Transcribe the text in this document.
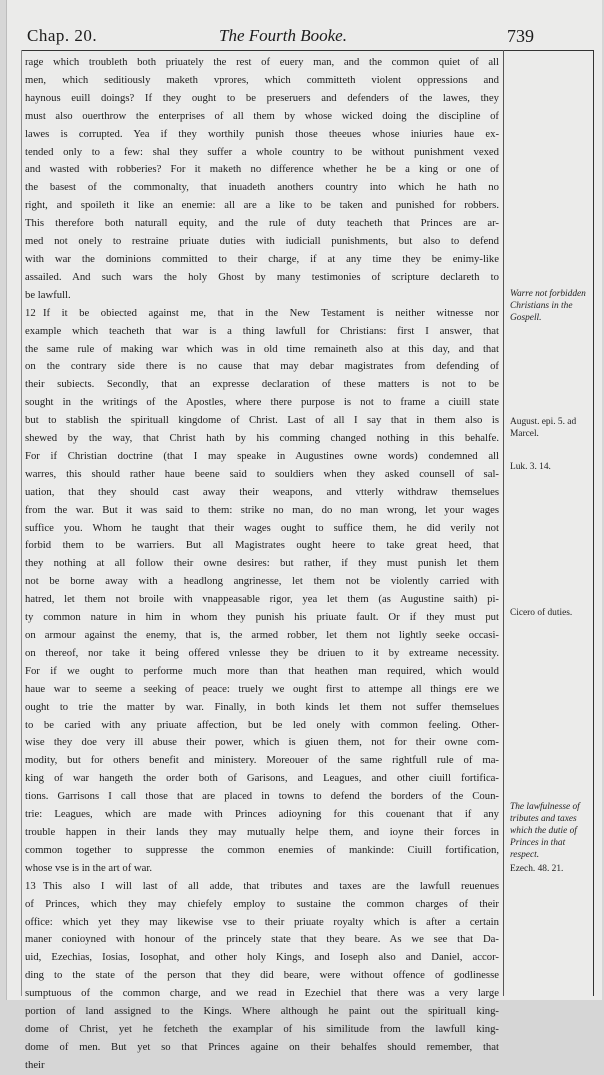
Chap. 20.	The Fourth Booke.	739
rage which troubleth both priuately the rest of euery man, and the common quiet of all
men, which seditiously maketh vprores, which committeth violent oppressions and
haynous euill doings? If they ought to be preseruers and defenders of the lawes, they
must also ouerthrow the enterprises of all them by whose wicked doing the discipline of
lawes is corrupted. Yea if they worthily punish those theeues whose iniuries haue ex-
tended only to a few: shal they suffer a whole country to be without punishment vexed
and wasted with robberies? For it maketh no difference whether he be a king or one of
the basest of the commonalty, that inuadeth anothers country into which he hath no
right, and spoileth it like an enemie: all are a like to be taken and punished for robbers.
This therefore both naturall equity, and the rule of duty teacheth that Princes are ar-
med not onely to restraine priuate duties with iudiciall punishments, but also to defend
with war the dominions committed to their charge, if at any time they be enimy-like
assailed. And such wars the holy Ghost by many testimonies of scripture declareth to
be lawfull.
12 If it be obiected against me, that in the New Testament is neither witnesse nor
example which teacheth that war is a thing lawfull for Christians: first I answer, that
the same rule of making war which was in old time remaineth also at this day, and that
on the contrary side there is no cause that may debar magistrates from defending of
their subiects. Secondly, that an expresse declaration of these matters is not to be
sought in the writings of the Apostles, where there purpose is not to frame a ciuill state
but to stablish the spirituall kingdome of Christ. Last of all I say that in them also is
shewed by the way, that Christ hath by his comming changed nothing in this behalfe.
For if Christian doctrine (that I may speake in Augustines owne words) condemned all
warres, this should rather haue beene said to souldiers when they asked counsell of sal-
uation, that they should cast away their weapons, and vtterly withdraw themselues
from the war. But it was said to them: strike no man, do no man wrong, let your wages
suffice you. Whom he taught that their wages ought to suffice them, he did verily not
forbid them to be warriers. But all Magistrates ought heere to take great heed, that
they nothing at all follow their owne desires: but rather, if they must punish let them
not be borne away with a headlong angrinesse, let them not be violently carried with
hatred, let them not broile with vnappeasable rigor, yea let them (as Augustine saith) pi-
ty common nature in him in whom they punish his priuate fault. Or if they must put
on armour against the enemy, that is, the armed robber, let them not lightly seeke occasi-
on thereof, nor take it being offered vnlesse they be driuen to it by extreame necessity.
For if we ought to performe much more than that heathen man required, which would
haue war to seeme a seeking of peace: truely we ought first to attempe all things ere we
ought to trie the matter by war. Finally, in both kinds let them not suffer themselues
to be caried with any priuate affection, but be led onely with common feeling. Other-
wise they doe very ill abuse their power, which is giuen them, not for their owne com-
modity, but for others benefit and ministery. Moreouer of the same rightfull rule of ma-
king of war hangeth the order both of Garisons, and Leagues, and other ciuill fortifica-
tions. Garrisons I call those that are placed in towns to defend the borders of the Coun-
trie: Leagues, which are made with Princes adioyning for this couenant that if any
trouble happen in their lands they may mutually helpe them, and ioyne their forces in
common together to suppresse the common enemies of mankinde: Ciuill fortification,
whose vse is in the art of war.
13 This also I will last of all adde, that tributes and taxes are the lawfull reuenues
of Princes, which they may chiefely employ to sustaine the common charges of their
office: which yet they may likewise vse to their priuate royalty which is after a certain
maner conioyned with honour of the princely state that they beare. As we see that Da-
uid, Ezechias, Iosias, Iosophat, and other holy Kings, and Ioseph also and Daniel, accor-
ding to the state of the person that they did beare, were without offence of godlinesse
sumptuous of the common charge, and we read in Ezechiel that there was a very large
portion of land assigned to the Kings. Where although he paint out the spirituall king-
dome of Christ, yet he fetcheth the examplar of his similitude from the lawfull king-
dome of men. But yet so that Princes againe on their behalfes should remember, that
their
Warre not forbidden Christians in the Gospell.
August. epi. 5. ad Marcel.
Luk. 3. 14.
Cicero of duties.
The lawfulnesse of tributes and taxes which the dutie of Princes in that respect.
Ezech. 48. 21.
